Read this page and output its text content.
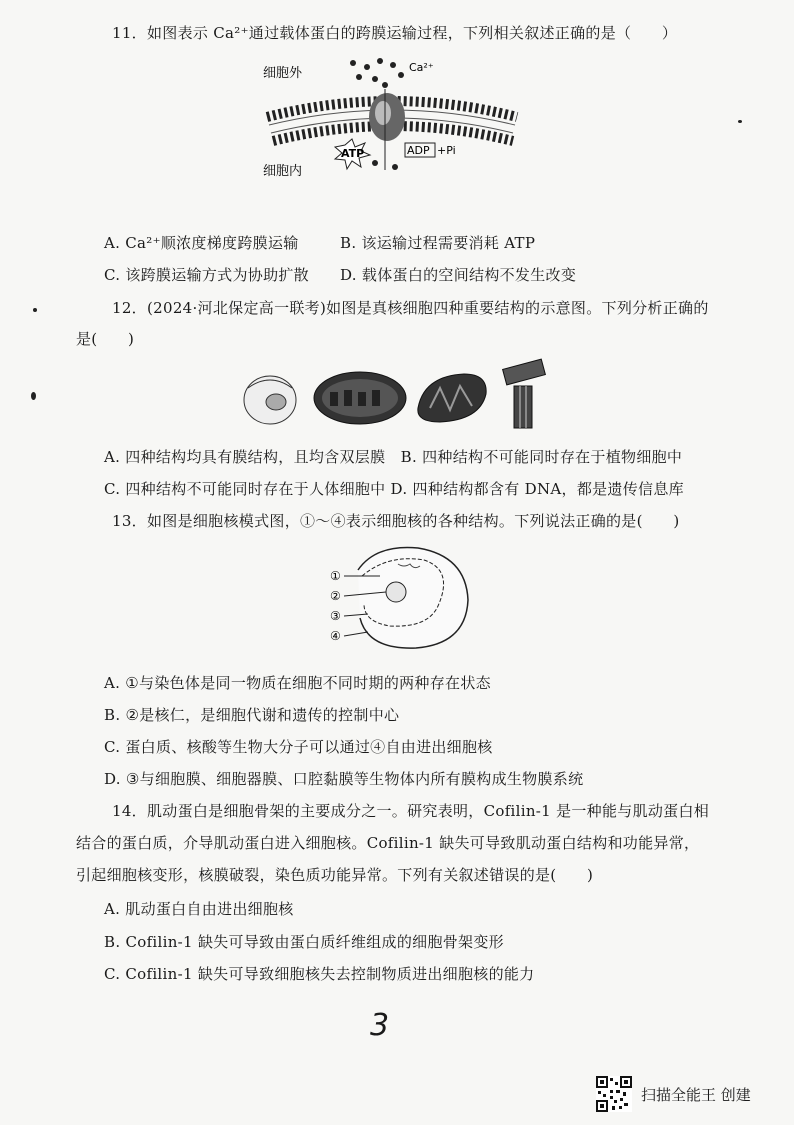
11．如图表示 Ca²⁺通过载体蛋白的跨膜运输过程，下列相关叙述正确的是（　　）
细胞外
细胞内
Ca²⁺
ATP	ADP +Pi
A. Ca²⁺顺浓度梯度跨膜运输	B. 该运输过程需要消耗 ATP
C. 该跨膜运输方式为协助扩散 D. 载体蛋白的空间结构不发生改变
12．(2024·河北保定高一联考)如图是真核细胞四种重要结构的示意图。下列分析正确的
是(　　)
A. 四种结构均具有膜结构，且均含双层膜　B. 四种结构不可能同时存在于植物细胞中
C. 四种结构不可能同时存在于人体细胞中 D. 四种结构都含有 DNA，都是遗传信息库
13．如图是细胞核模式图，①～④表示细胞核的各种结构。下列说法正确的是(　　)
①
②
③
④
A. ①与染色体是同一物质在细胞不同时期的两种存在状态
B. ②是核仁，是细胞代谢和遗传的控制中心
C. 蛋白质、核酸等生物大分子可以通过④自由进出细胞核
D. ③与细胞膜、细胞器膜、口腔黏膜等生物体内所有膜构成生物膜系统
14．肌动蛋白是细胞骨架的主要成分之一。研究表明，Cofilin-1 是一种能与肌动蛋白相
结合的蛋白质，介导肌动蛋白进入细胞核。Cofilin-1 缺失可导致肌动蛋白结构和功能异常，
引起细胞核变形，核膜破裂，染色质功能异常。下列有关叙述错误的是(　　)
A. 肌动蛋白自由进出细胞核
B. Cofilin-1 缺失可导致由蛋白质纤维组成的细胞骨架变形
C. Cofilin-1 缺失可导致细胞核失去控制物质进出细胞核的能力
3
扫描全能王 创建
